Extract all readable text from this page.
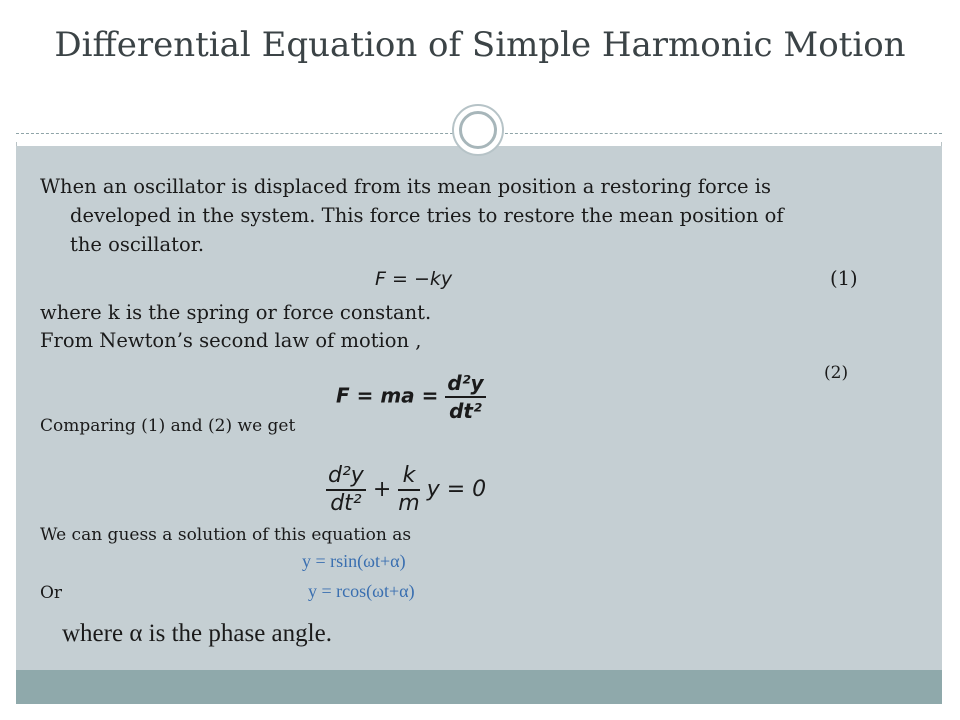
Differential Equation of Simple Harmonic Motion
When an oscillator is displaced from its mean position a restoring force is
developed in the system. This force tries to restore the mean position of
the oscillator.
F = −ky	(1)
where k is the spring or force constant.
From Newton’s second law of motion ,
(2)
F = ma = $\frac{\text{d²y}}{\text{dt²}}$
Comparing (1) and (2) we get
$\frac{\text{d²y}}{\text{dt²}} + \frac{k}{m}$ y = 0
We can guess a solution of this equation as
y = rsin(ωt+α)
Or	y = rcos(ωt+α)
where α is the phase angle.
